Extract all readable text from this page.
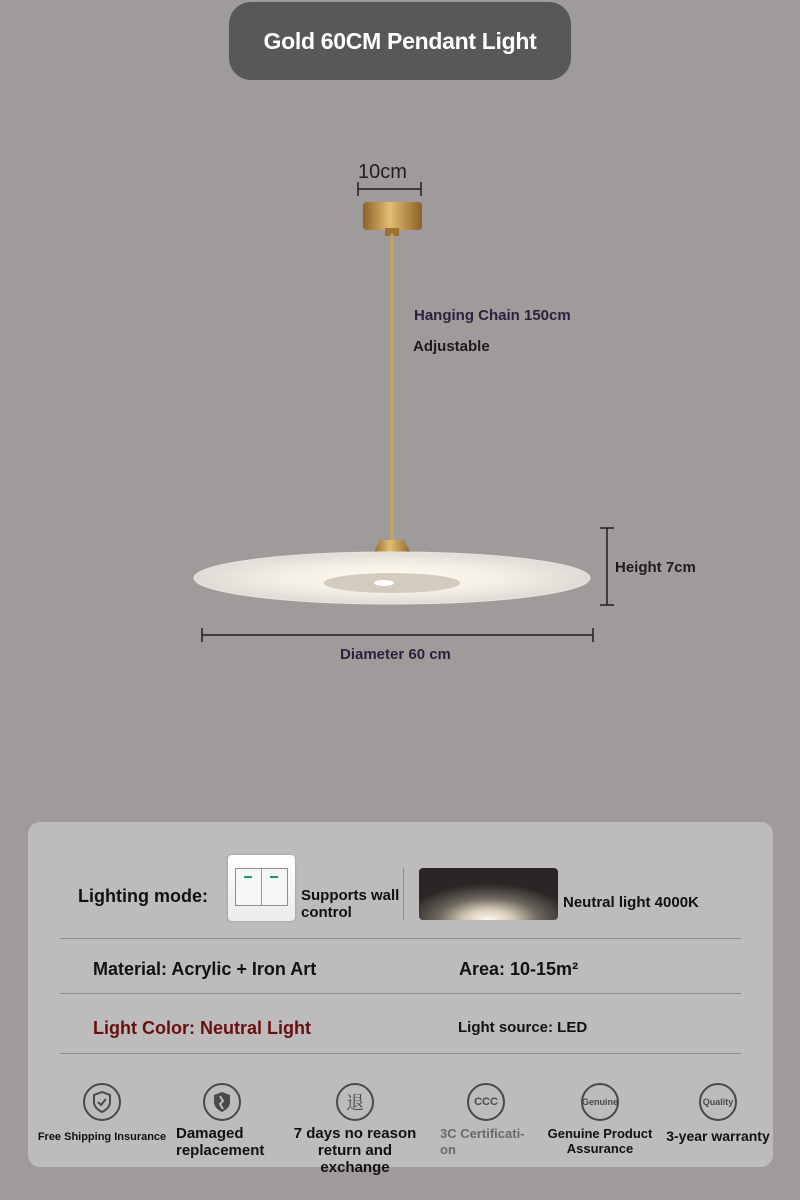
Gold 60CM Pendant Light
10cm
Hanging Chain 150cm
Adjustable
Height 7cm
Diameter 60 cm
Lighting mode:	Supports wall
control
Neutral light 4000K
Material: Acrylic + Iron Art	Area: 10-15m²
Light Color: Neutral Light	Light source: LED
Free Shipping Insurance Damaged replacement
退
7 days no reason return and exchange
CCC
3C Certificati-on
Genuine
Genuine Product Assurance
Quality
3-year warranty
